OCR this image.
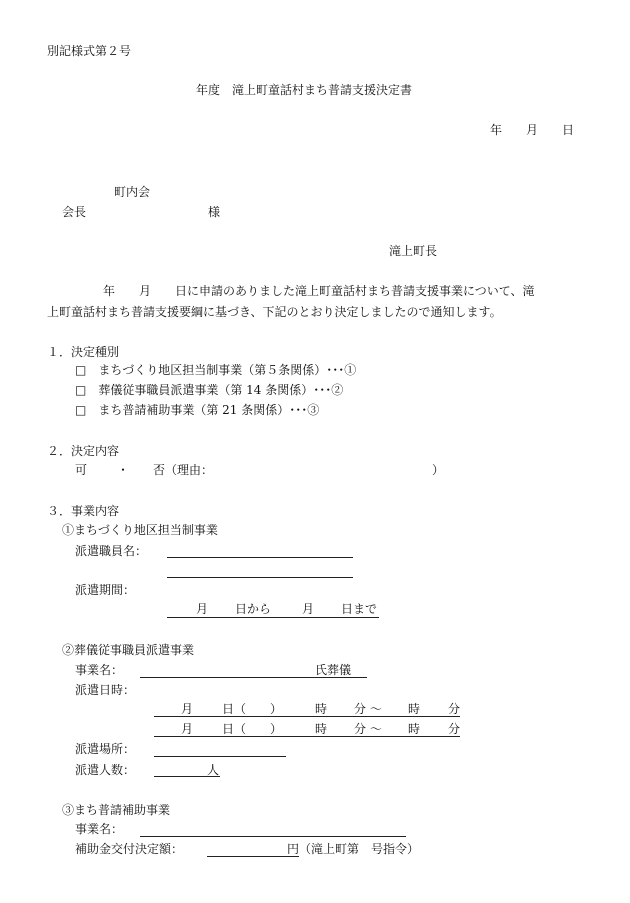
別記様式第２号
年度　滝上町童話村まち普請支援決定書
年　　月　　日
町内会
会長	様
滝上町長
年　　月　　日に申請のありました滝上町童話村まち普請支援事業について、滝
上町童話村まち普請支援要綱に基づき、下記のとおり決定しましたので通知します。
１．決定種別
□　まちづくり地区担当制事業（第５条関係）･･･①
□　葬儀従事職員派遣事業（第 14 条関係）･･･②
□　まち普請補助事業（第 21 条関係）･･･③
２．決定内容
可 ・ 否（理由：	）
３．事業内容
①まちづくり地区担当制事業
派遣職員名：
派遣期間：
月 日から	月 日まで
②葬儀従事職員派遣事業
事業名：	氏葬儀
派遣日時：
月 日（ ）	時 分 ～ 時 分
月 日（ ）	時 分 ～ 時 分
派遣場所：
派遣人数：	人
③まち普請補助事業
事業名：
補助金交付決定額：	円 （滝上町第　号指令）
